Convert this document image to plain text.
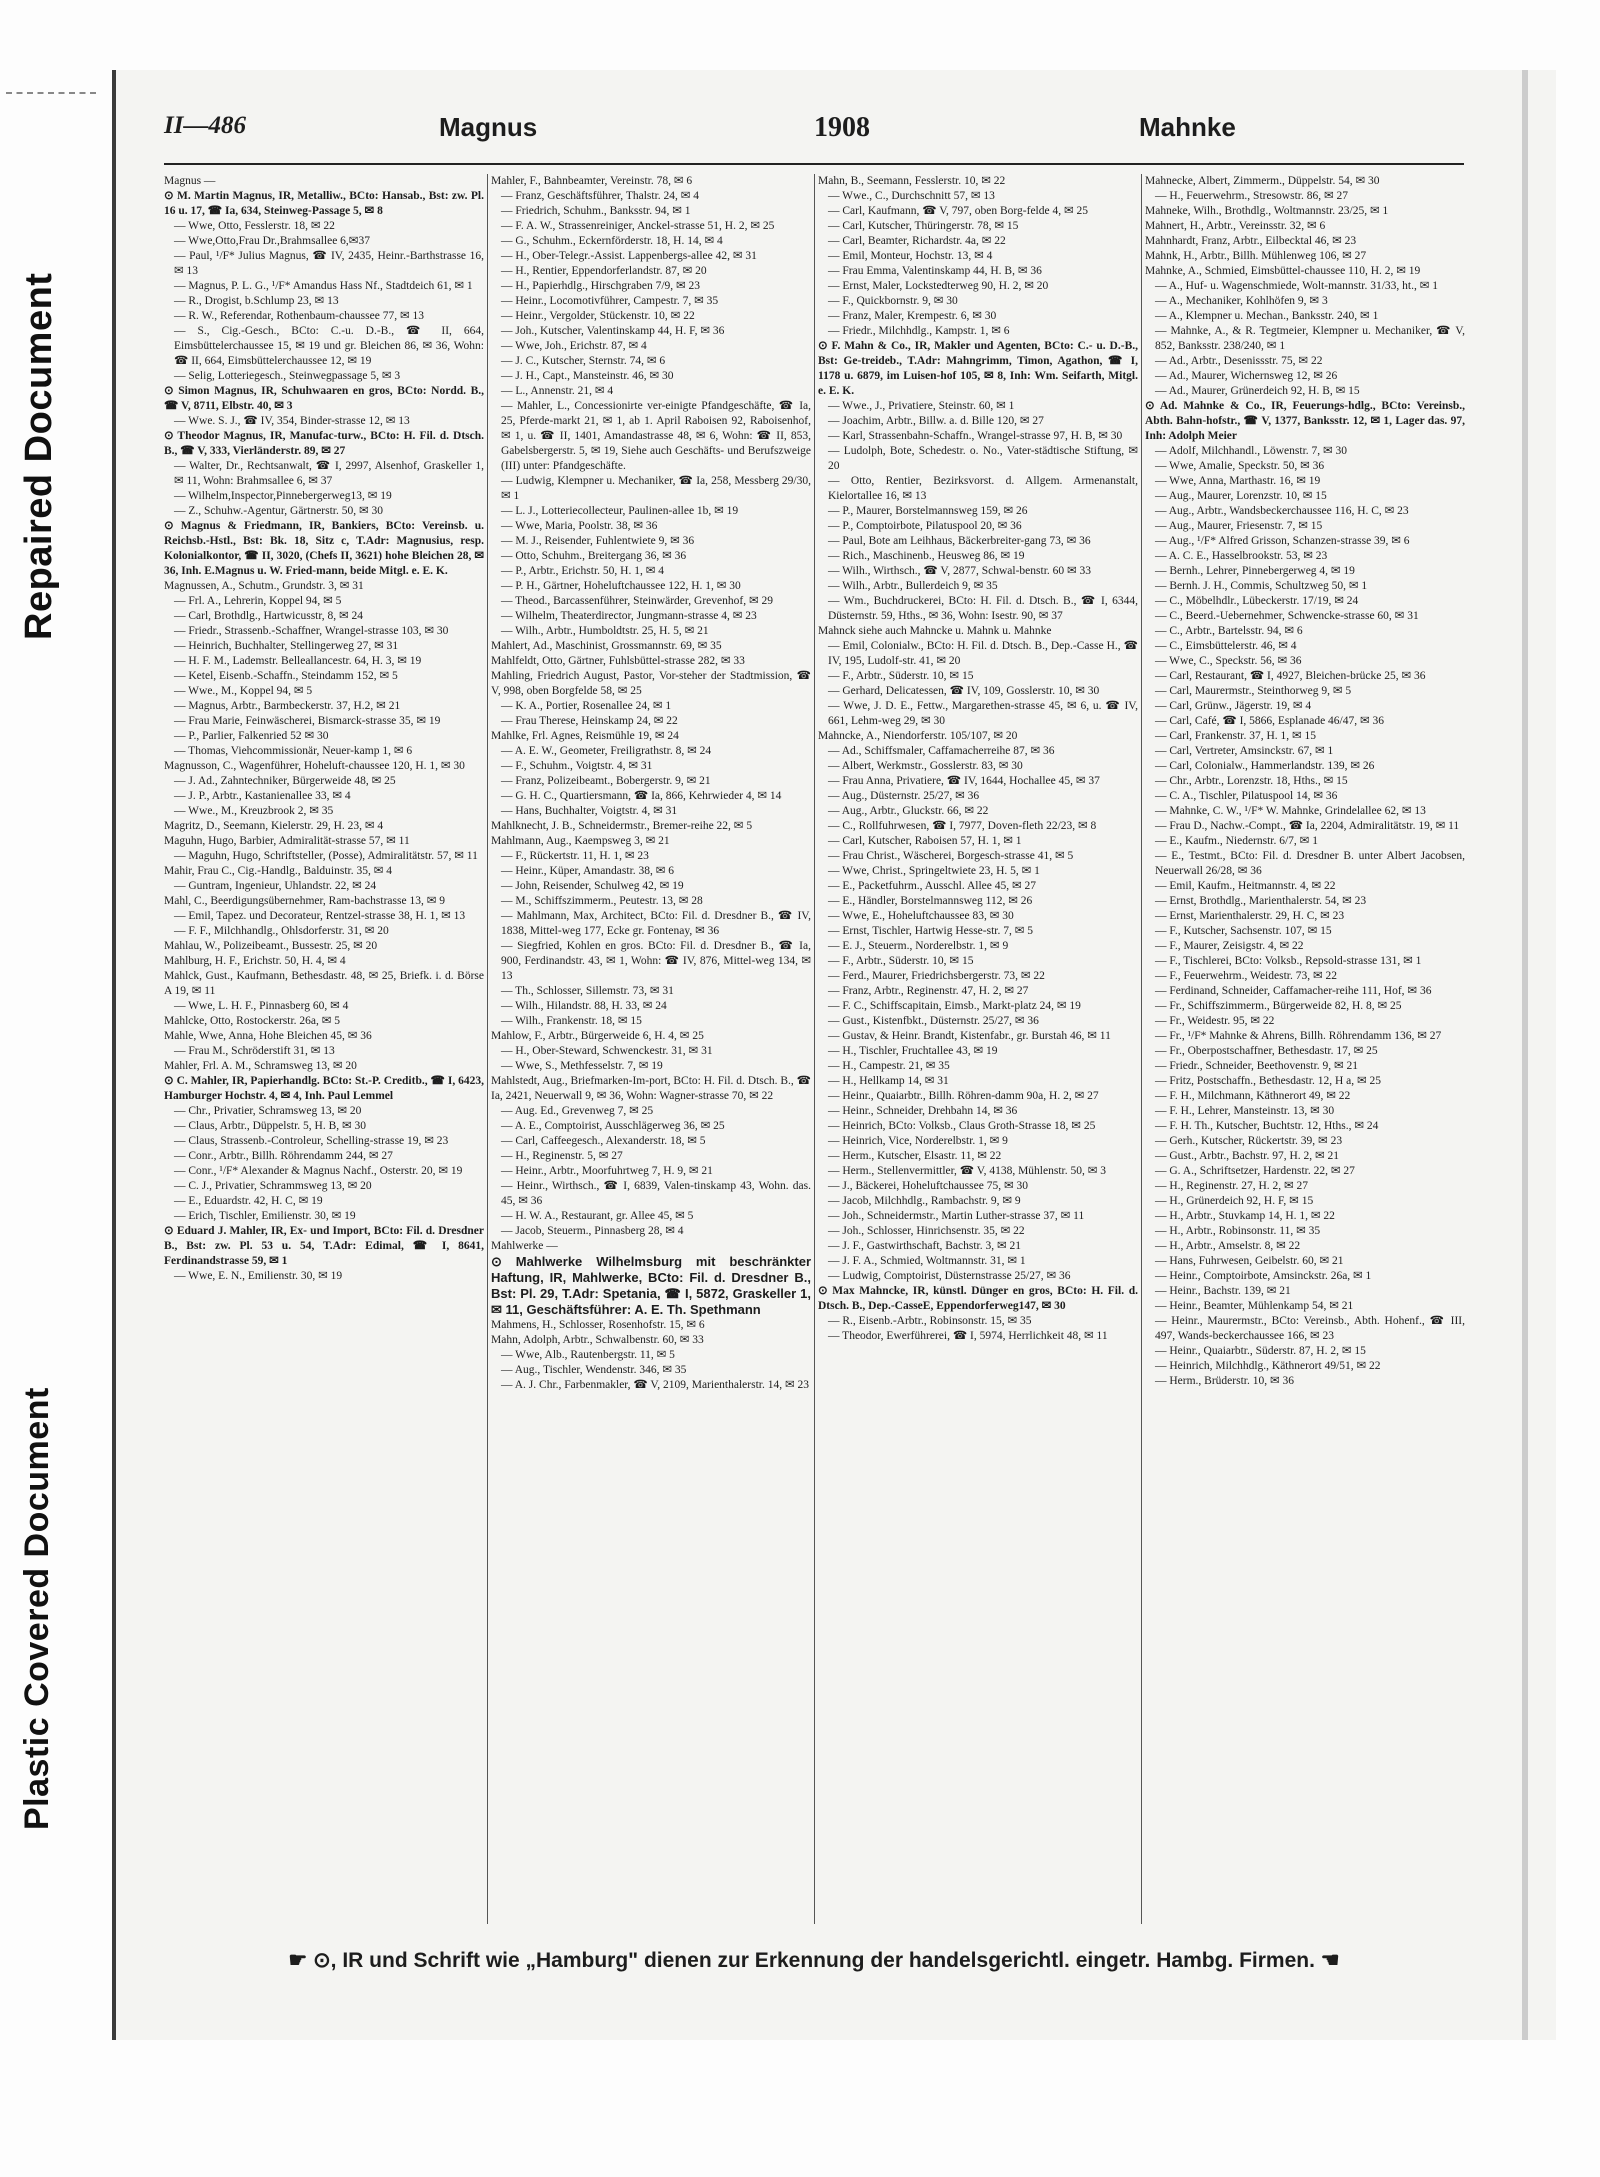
Repaired Document
Plastic Covered Document
II—486	Magnus	1908	Mahnke

Magnus —

⊙ M. Martin Magnus, IR, Metalliw., BCto: Hansab., Bst: zw. Pl. 16 u. 17, ☎ Ia, 634, Steinweg-Passage 5, ✉ 8

— Wwe, Otto, Fesslerstr. 18, ✉ 22

— Wwe,Otto,Frau Dr.,Brahmsallee 6,✉37

— Paul, ¹/F* Julius Magnus, ☎ IV, 2435, Heinr.-Barthstrasse 16, ✉ 13

— Magnus, P. L. G., ¹/F* Amandus Hass Nf., Stadtdeich 61, ✉ 1

— R., Drogist, b.Schlump 23, ✉ 13

— R. W., Referendar, Rothenbaum-chaussee 77, ✉ 13

— S., Cig.-Gesch., BCto: C.-u. D.-B., ☎ II, 664, Eimsbüttelerchaussee 15, ✉ 19 und gr. Bleichen 86, ✉ 36, Wohn: ☎ II, 664, Eimsbüttelerchaussee 12, ✉ 19

— Selig, Lotteriegesch., Steinwegpassage 5, ✉ 3

⊙ Simon Magnus, IR, Schuhwaaren en gros, BCto: Nordd. B., ☎ V, 8711, Elbstr. 40, ✉ 3

— Wwe. S. J., ☎ IV, 354, Binder-strasse 12, ✉ 13

⊙ Theodor Magnus, IR, Manufac-turw., BCto: H. Fil. d. Dtsch. B., ☎ V, 333, Vierländerstr. 89, ✉ 27

— Walter, Dr., Rechtsanwalt, ☎ I, 2997, Alsenhof, Graskeller 1, ✉ 11, Wohn: Brahmsallee 6, ✉ 37

— Wilhelm,Inspector,Pinnebergerweg13, ✉ 19

— Z., Schuhw.-Agentur, Gärtnerstr. 50, ✉ 30

⊙ Magnus & Friedmann, IR, Bankiers, BCto: Vereinsb. u. Reichsb.-Hstl., Bst: Bk. 18, Sitz c, T.Adr: Magnusius, resp. Kolonialkontor, ☎ II, 3020, (Chefs II, 3621) hohe Bleichen 28, ✉ 36, Inh. E.Magnus u. W. Fried-mann, beide Mitgl. e. E. K.

Magnussen, A., Schutm., Grundstr. 3, ✉ 31

— Frl. A., Lehrerin, Koppel 94, ✉ 5

— Carl, Brothdlg., Hartwicusstr, 8, ✉ 24

— Friedr., Strassenb.-Schaffner, Wrangel-strasse 103, ✉ 30

— Heinrich, Buchhalter, Stellingerweg 27, ✉ 31

— H. F. M., Lademstr. Belleallancestr. 64, H. 3, ✉ 19

— Ketel, Eisenb.-Schaffn., Steindamm 152, ✉ 5

— Wwe., M., Koppel 94, ✉ 5

— Magnus, Arbtr., Barmbeckerstr. 37, H.2, ✉ 21

— Frau Marie, Feinwäscherei, Bismarck-strasse 35, ✉ 19

— P., Parlier, Falkenried 52 ✉ 30

— Thomas, Viehcommissionär, Neuer-kamp 1, ✉ 6

Magnusson, C., Wagenführer, Hoheluft-chaussee 120, H. 1, ✉ 30

— J. Ad., Zahntechniker, Bürgerweide 48, ✉ 25

— J. P., Arbtr., Kastanienallee 33, ✉ 4

— Wwe., M., Kreuzbrook 2, ✉ 35

Magritz, D., Seemann, Kielerstr. 29, H. 23, ✉ 4

Maguhn, Hugo, Barbier, Admiralität-strasse 57, ✉ 11

— Maguhn, Hugo, Schriftsteller, (Posse), Admiralitätstr. 57, ✉ 11

Mahir, Frau C., Cig.-Handlg., Balduinstr. 35, ✉ 4

— Guntram, Ingenieur, Uhlandstr. 22, ✉ 24

Mahl, C., Beerdigungsübernehmer, Ram-bachstrasse 13, ✉ 9

— Emil, Tapez. und Decorateur, Rentzel-strasse 38, H. 1, ✉ 13

— F. F., Milchhandlg., Ohlsdorferstr. 31, ✉ 20

Mahlau, W., Polizeibeamt., Bussestr. 25, ✉ 20

Mahlburg, H. F., Erichstr. 50, H. 4, ✉ 4

Mahlck, Gust., Kaufmann, Bethesdastr. 48, ✉ 25, Briefk. i. d. Börse A 19, ✉ 11

— Wwe, L. H. F., Pinnasberg 60, ✉ 4

Mahlcke, Otto, Rostockerstr. 26a, ✉ 5

Mahle, Wwe, Anna, Hohe Bleichen 45, ✉ 36

— Frau M., Schröderstift 31, ✉ 13

Mahler, Frl. A. M., Schramsweg 13, ✉ 20

⊙ C. Mahler, IR, Papierhandlg. BCto: St.-P. Creditb., ☎ I, 6423, Hamburger Hochstr. 4, ✉ 4, Inh. Paul Lemmel

— Chr., Privatier, Schramsweg 13, ✉ 20

— Claus, Arbtr., Düppelstr. 5, H. B, ✉ 30

— Claus, Strassenb.-Controleur, Schelling-strasse 19, ✉ 23

— Conr., Arbtr., Billh. Röhrendamm 244, ✉ 27

— Conr., ¹/F* Alexander & Magnus Nachf., Osterstr. 20, ✉ 19

— C. J., Privatier, Schrammsweg 13, ✉ 20

— E., Eduardstr. 42, H. C, ✉ 19

— Erich, Tischler, Emilienstr. 30, ✉ 19

⊙ Eduard J. Mahler, IR, Ex- und Import, BCto: Fil. d. Dresdner B., Bst: zw. Pl. 53 u. 54, T.Adr: Edimal, ☎ I, 8641, Ferdinandstrasse 59, ✉ 1

— Wwe, E. N., Emilienstr. 30, ✉ 19

Mahler, F., Bahnbeamter, Vereinstr. 78, ✉ 6

— Franz, Geschäftsführer, Thalstr. 24, ✉ 4

— Friedrich, Schuhm., Banksstr. 94, ✉ 1

— F. A. W., Strassenreiniger, Anckel-strasse 51, H. 2, ✉ 25

— G., Schuhm., Eckernförderstr. 18, H. 14, ✉ 4

— H., Ober-Telegr.-Assist. Lappenbergs-allee 42, ✉ 31

— H., Rentier, Eppendorferlandstr. 87, ✉ 20

— H., Papierhdlg., Hirschgraben 7/9, ✉ 23

— Heinr., Locomotivführer, Campestr. 7, ✉ 35

— Heinr., Vergolder, Stückenstr. 10, ✉ 22

— Joh., Kutscher, Valentinskamp 44, H. F, ✉ 36

— Wwe, Joh., Erichstr. 87, ✉ 4

— J. C., Kutscher, Sternstr. 74, ✉ 6

— J. H., Capt., Mansteinstr. 46, ✉ 30

— L., Annenstr. 21, ✉ 4

— Mahler, L., Concessionirte ver-einigte Pfandgeschäfte, ☎ Ia, 25, Pferde-markt 21, ✉ 1, ab 1. April Raboisen 92, Raboisenhof, ✉ 1, u. ☎ II, 1401, Amandastrasse 48, ✉ 6, Wohn: ☎ II, 853, Gabelsbergerstr. 5, ✉ 19, Siehe auch Geschäfts- und Berufszweige (III) unter: Pfandgeschäfte.

— Ludwig, Klempner u. Mechaniker, ☎ Ia, 258, Messberg 29/30, ✉ 1

— L. J., Lotteriecollecteur, Paulinen-allee 1b, ✉ 19

— Wwe, Maria, Poolstr. 38, ✉ 36

— M. J., Reisender, Fuhlentwiete 9, ✉ 36

— Otto, Schuhm., Breitergang 36, ✉ 36

— P., Arbtr., Erichstr. 50, H. 1, ✉ 4

— P. H., Gärtner, Hoheluftchaussee 122, H. 1, ✉ 30

— Theod., Barcassenführer, Steinwärder, Grevenhof, ✉ 29

— Wilhelm, Theaterdirector, Jungmann-strasse 4, ✉ 23

— Wilh., Arbtr., Humboldtstr. 25, H. 5, ✉ 21

Mahlert, Ad., Maschinist, Grossmannstr. 69, ✉ 35

Mahlfeldt, Otto, Gärtner, Fuhlsbüttel-strasse 282, ✉ 33

Mahling, Friedrich August, Pastor, Vor-steher der Stadtmission, ☎ V, 998, oben Borgfelde 58, ✉ 25

— K. A., Portier, Rosenallee 24, ✉ 1

— Frau Therese, Heinskamp 24, ✉ 22

Mahlke, Frl. Agnes, Reismühle 19, ✉ 24

— A. E. W., Geometer, Freiligrathstr. 8, ✉ 24

— F., Schuhm., Voigtstr. 4, ✉ 31

— Franz, Polizeibeamt., Bobergerstr. 9, ✉ 21

— G. H. C., Quartiersmann, ☎ Ia, 866, Kehrwieder 4, ✉ 14

— Hans, Buchhalter, Voigtstr. 4, ✉ 31

Mahlknecht, J. B., Schneidermstr., Bremer-reihe 22, ✉ 5

Mahlmann, Aug., Kaempsweg 3, ✉ 21

— F., Rückertstr. 11, H. 1, ✉ 23

— Heinr., Küper, Amandastr. 38, ✉ 6

— John, Reisender, Schulweg 42, ✉ 19

— M., Schiffszimmerm., Peutestr. 13, ✉ 28

— Mahlmann, Max, Architect, BCto: Fil. d. Dresdner B., ☎ IV, 1838, Mittel-weg 177, Ecke gr. Fontenay, ✉ 36

— Siegfried, Kohlen en gros. BCto: Fil. d. Dresdner B., ☎ Ia, 900, Ferdinandstr. 43, ✉ 1, Wohn: ☎ IV, 876, Mittel-weg 134, ✉ 13

— Th., Schlosser, Sillemstr. 73, ✉ 31

— Wilh., Hilandstr. 88, H. 33, ✉ 24

— Wilh., Frankenstr. 18, ✉ 15

Mahlow, F., Arbtr., Bürgerweide 6, H. 4, ✉ 25

— H., Ober-Steward, Schwenckestr. 31, ✉ 31

— Wwe, S., Methfesselstr. 7, ✉ 19

Mahlstedt, Aug., Briefmarken-Im-port, BCto: H. Fil. d. Dtsch. B., ☎ Ia, 2421, Neuerwall 9, ✉ 36, Wohn: Wagner-strasse 70, ✉ 22

— Aug. Ed., Grevenweg 7, ✉ 25

— A. E., Comptoirist, Ausschlägerweg 36, ✉ 25

— Carl, Caffeegesch., Alexanderstr. 18, ✉ 5

— H., Reginenstr. 5, ✉ 27

— Heinr., Arbtr., Moorfuhrtweg 7, H. 9, ✉ 21

— Heinr., Wirthsch., ☎ I, 6839, Valen-tinskamp 43, Wohn. das. 45, ✉ 36

— H. W. A., Restaurant, gr. Allee 45, ✉ 5

— Jacob, Steuerm., Pinnasberg 28, ✉ 4

Mahlwerke —

⊙ Mahlwerke Wilhelmsburg mit beschränkter Haftung, IR, Mahlwerke, BCto: Fil. d. Dresdner B., Bst: Pl. 29, T.Adr: Spetania, ☎ I, 5872, Graskeller 1, ✉ 11, Geschäftsführer: A. E. Th. Spethmann

Mahmens, H., Schlosser, Rosenhofstr. 15, ✉ 6

Mahn, Adolph, Arbtr., Schwalbenstr. 60, ✉ 33

— Wwe, Alb., Rautenbergstr. 11, ✉ 5

— Aug., Tischler, Wendenstr. 346, ✉ 35

— A. J. Chr., Farbenmakler, ☎ V, 2109, Marienthalerstr. 14, ✉ 23

Mahn, B., Seemann, Fesslerstr. 10, ✉ 22

— Wwe., C., Durchschnitt 57, ✉ 13

— Carl, Kaufmann, ☎ V, 797, oben Borg-felde 4, ✉ 25

— Carl, Kutscher, Thüringerstr. 78, ✉ 15

— Carl, Beamter, Richardstr. 4a, ✉ 22

— Emil, Monteur, Hochstr. 13, ✉ 4

— Frau Emma, Valentinskamp 44, H. B, ✉ 36

— Ernst, Maler, Lockstedterweg 90, H. 2, ✉ 20

— F., Quickbornstr. 9, ✉ 30

— Franz, Maler, Krempestr. 6, ✉ 30

— Friedr., Milchhdlg., Kampstr. 1, ✉ 6

⊙ F. Mahn & Co., IR, Makler und Agenten, BCto: C.- u. D.-B., Bst: Ge-treideb., T.Adr: Mahngrimm, Timon, Agathon, ☎ I, 1178 u. 6879, im Luisen-hof 105, ✉ 8, Inh: Wm. Seifarth, Mitgl. e. E. K.

— Wwe., J., Privatiere, Steinstr. 60, ✉ 1

— Joachim, Arbtr., Billw. a. d. Bille 120, ✉ 27

— Karl, Strassenbahn-Schaffn., Wrangel-strasse 97, H. B, ✉ 30

— Ludolph, Bote, Schedestr. o. No., Vater-städtische Stiftung, ✉ 20

— Otto, Rentier, Bezirksvorst. d. Allgem. Armenanstalt, Kielortallee 16, ✉ 13

— P., Maurer, Borstelmannsweg 159, ✉ 26

— P., Comptoirbote, Pilatuspool 20, ✉ 36

— Paul, Bote am Leihhaus, Bäckerbreiter-gang 73, ✉ 36

— Rich., Maschinenb., Heusweg 86, ✉ 19

— Wilh., Wirthsch., ☎ V, 2877, Schwal-benstr. 60 ✉ 33

— Wilh., Arbtr., Bullerdeich 9, ✉ 35

— Wm., Buchdruckerei, BCto: H. Fil. d. Dtsch. B., ☎ I, 6344, Düsternstr. 59, Hths., ✉ 36, Wohn: Isestr. 90, ✉ 37

Mahnck siehe auch Mahncke u. Mahnk u. Mahnke

— Emil, Colonialw., BCto: H. Fil. d. Dtsch. B., Dep.-Casse H., ☎ IV, 195, Ludolf-str. 41, ✉ 20

— F., Arbtr., Süderstr. 10, ✉ 15

— Gerhard, Delicatessen, ☎ IV, 109, Gosslerstr. 10, ✉ 30

— Wwe, J. D. E., Fettw., Margarethen-strasse 45, ✉ 6, u. ☎ IV, 661, Lehm-weg 29, ✉ 30

Mahncke, A., Niendorferstr. 105/107, ✉ 20

— Ad., Schiffsmaler, Caffamacherreihe 87, ✉ 36

— Albert, Werkmstr., Gosslerstr. 83, ✉ 30

— Frau Anna, Privatiere, ☎ IV, 1644, Hochallee 45, ✉ 37

— Aug., Düsternstr. 25/27, ✉ 36

— Aug., Arbtr., Gluckstr. 66, ✉ 22

— C., Rollfuhrwesen, ☎ I, 7977, Doven-fleth 22/23, ✉ 8

— Carl, Kutscher, Raboisen 57, H. 1, ✉ 1

— Frau Christ., Wäscherei, Borgesch-strasse 41, ✉ 5

— Wwe, Christ., Springeltwiete 23, H. 5, ✉ 1

— E., Packetfuhrm., Ausschl. Allee 45, ✉ 27

— E., Händler, Borstelmannsweg 112, ✉ 26

— Wwe, E., Hoheluftchaussee 83, ✉ 30

— Ernst, Tischler, Hartwig Hesse-str. 7, ✉ 5

— E. J., Steuerm., Norderelbstr. 1, ✉ 9

— F., Arbtr., Süderstr. 10, ✉ 15

— Ferd., Maurer, Friedrichsbergerstr. 73, ✉ 22

— Franz, Arbtr., Reginenstr. 47, H. 2, ✉ 27

— F. C., Schiffscapitain, Eimsb., Markt-platz 24, ✉ 19

— Gust., Kistenfbkt., Düsternstr. 25/27, ✉ 36

— Gustav, & Heinr. Brandt, Kistenfabr., gr. Burstah 46, ✉ 11

— H., Tischler, Fruchtallee 43, ✉ 19

— H., Campestr. 21, ✉ 35

— H., Hellkamp 14, ✉ 31

— Heinr., Quaiarbtr., Billh. Röhren-damm 90a, H. 2, ✉ 27

— Heinr., Schneider, Drehbahn 14, ✉ 36

— Heinrich, BCto: Volksb., Claus Groth-Strasse 18, ✉ 25

— Heinrich, Vice, Norderelbstr. 1, ✉ 9

— Herm., Kutscher, Elsastr. 11, ✉ 22

— Herm., Stellenvermittler, ☎ V, 4138, Mühlenstr. 50, ✉ 3

— J., Bäckerei, Hoheluftchaussee 75, ✉ 30

— Jacob, Milchhdlg., Rambachstr. 9, ✉ 9

— Joh., Schneidermstr., Martin Luther-strasse 37, ✉ 11

— Joh., Schlosser, Hinrichsenstr. 35, ✉ 22

— J. F., Gastwirthschaft, Bachstr. 3, ✉ 21

— J. F. A., Schmied, Woltmannstr. 31, ✉ 1

— Ludwig, Comptoirist, Düsternstrasse 25/27, ✉ 36

⊙ Max Mahncke, IR, künstl. Dünger en gros, BCto: H. Fil. d. Dtsch. B., Dep.-CasseE, Eppendorferweg147, ✉ 30

— R., Eisenb.-Arbtr., Robinsonstr. 15, ✉ 35

— Theodor, Ewerführerei, ☎ I, 5974, Herrlichkeit 48, ✉ 11

Mahnecke, Albert, Zimmerm., Düppelstr. 54, ✉ 30

— H., Feuerwehrm., Stresowstr. 86, ✉ 27

Mahneke, Wilh., Brothdlg., Woltmannstr. 23/25, ✉ 1

Mahnert, H., Arbtr., Vereinsstr. 32, ✉ 6

Mahnhardt, Franz, Arbtr., Eilbecktal 46, ✉ 23

Mahnk, H., Arbtr., Billh. Mühlenweg 106, ✉ 27

Mahnke, A., Schmied, Eimsbüttel-chaussee 110, H. 2, ✉ 19

— A., Huf- u. Wagenschmiede, Wolt-mannstr. 31/33, ht., ✉ 1

— A., Mechaniker, Kohlhöfen 9, ✉ 3

— A., Klempner u. Mechan., Banksstr. 240, ✉ 1

— Mahnke, A., & R. Tegtmeier, Klempner u. Mechaniker, ☎ V, 852, Banksstr. 238/240, ✉ 1

— Ad., Arbtr., Desenissstr. 75, ✉ 22

— Ad., Maurer, Wichernsweg 12, ✉ 26

— Ad., Maurer, Grünerdeich 92, H. B, ✉ 15

⊙ Ad. Mahnke & Co., IR, Feuerungs-hdlg., BCto: Vereinsb., Abth. Bahn-hofstr., ☎ V, 1377, Banksstr. 12, ✉ 1, Lager das. 97, Inh: Adolph Meier

— Adolf, Milchhandl., Löwenstr. 7, ✉ 30

— Wwe, Amalie, Speckstr. 50, ✉ 36

— Wwe, Anna, Marthastr. 16, ✉ 19

— Aug., Maurer, Lorenzstr. 10, ✉ 15

— Aug., Arbtr., Wandsbeckerchaussee 116, H. C, ✉ 23

— Aug., Maurer, Friesenstr. 7, ✉ 15

— Aug., ¹/F* Alfred Grisson, Schanzen-strasse 39, ✉ 6

— A. C. E., Hasselbrookstr. 53, ✉ 23

— Bernh., Lehrer, Pinnebergerweg 4, ✉ 19

— Bernh. J. H., Commis, Schultzweg 50, ✉ 1

— C., Möbelhdlr., Lübeckerstr. 17/19, ✉ 24

— C., Beerd.-Uebernehmer, Schwencke-strasse 60, ✉ 31

— C., Arbtr., Bartelsstr. 94, ✉ 6

— C., Eimsbüttelerstr. 46, ✉ 4

— Wwe, C., Speckstr. 56, ✉ 36

— Carl, Restaurant, ☎ I, 4927, Bleichen-brücke 25, ✉ 36

— Carl, Maurermstr., Steinthorweg 9, ✉ 5

— Carl, Grünw., Jägerstr. 19, ✉ 4

— Carl, Café, ☎ I, 5866, Esplanade 46/47, ✉ 36

— Carl, Frankenstr. 37, H. 1, ✉ 15

— Carl, Vertreter, Amsinckstr. 67, ✉ 1

— Carl, Colonialw., Hammerlandstr. 139, ✉ 26

— Chr., Arbtr., Lorenzstr. 18, Hths., ✉ 15

— C. A., Tischler, Pilatuspool 14, ✉ 36

— Mahnke, C. W., ¹/F* W. Mahnke, Grindelallee 62, ✉ 13

— Frau D., Nachw.-Compt., ☎ Ia, 2204, Admiralitätstr. 19, ✉ 11

— E., Kaufm., Niedernstr. 6/7, ✉ 1

— E., Testmt., BCto: Fil. d. Dresdner B. unter Albert Jacobsen, Neuerwall 26/28, ✉ 36

— Emil, Kaufm., Heitmannstr. 4, ✉ 22

— Ernst, Brothdlg., Marienthalerstr. 54, ✉ 23

— Ernst, Marienthalerstr. 29, H. C, ✉ 23

— F., Kutscher, Sachsenstr. 107, ✉ 15

— F., Maurer, Zeisigstr. 4, ✉ 22

— F., Tischlerei, BCto: Volksb., Repsold-strasse 131, ✉ 1

— F., Feuerwehrm., Weidestr. 73, ✉ 22

— Ferdinand, Schneider, Caffamacher-reihe 111, Hof, ✉ 36

— Fr., Schiffszimmerm., Bürgerweide 82, H. 8, ✉ 25

— Fr., Weidestr. 95, ✉ 22

— Fr., ¹/F* Mahnke & Ahrens, Billh. Röhrendamm 136, ✉ 27

— Fr., Oberpostschaffner, Bethesdastr. 17, ✉ 25

— Friedr., Schneider, Beethovenstr. 9, ✉ 21

— Fritz, Postschaffn., Bethesdastr. 12, H a, ✉ 25

— F. H., Milchmann, Käthnerort 49, ✉ 22

— F. H., Lehrer, Mansteinstr. 13, ✉ 30

— F. H. Th., Kutscher, Buchtstr. 12, Hths., ✉ 24

— Gerh., Kutscher, Rückertstr. 39, ✉ 23

— Gust., Arbtr., Bachstr. 97, H. 2, ✉ 21

— G. A., Schriftsetzer, Hardenstr. 22, ✉ 27

— H., Reginenstr. 27, H. 2, ✉ 27

— H., Grünerdeich 92, H. F, ✉ 15

— H., Arbtr., Stuvkamp 14, H. 1, ✉ 22

— H., Arbtr., Robinsonstr. 11, ✉ 35

— H., Arbtr., Amselstr. 8, ✉ 22

— Hans, Fuhrwesen, Geibelstr. 60, ✉ 21

— Heinr., Comptoirbote, Amsinckstr. 26a, ✉ 1

— Heinr., Bachstr. 139, ✉ 21

— Heinr., Beamter, Mühlenkamp 54, ✉ 21

— Heinr., Maurermstr., BCto: Vereinsb., Abth. Hohenf., ☎ III, 497, Wands-beckerchaussee 166, ✉ 23

— Heinr., Quaiarbtr., Süderstr. 87, H. 2, ✉ 15

— Heinrich, Milchhdlg., Käthnerort 49/51, ✉ 22

— Herm., Brüderstr. 10, ✉ 36

☛ ⊙, IR und Schrift wie „Hamburg" dienen zur Erkennung der handelsgerichtl. eingetr. Hambg. Firmen. ☚
